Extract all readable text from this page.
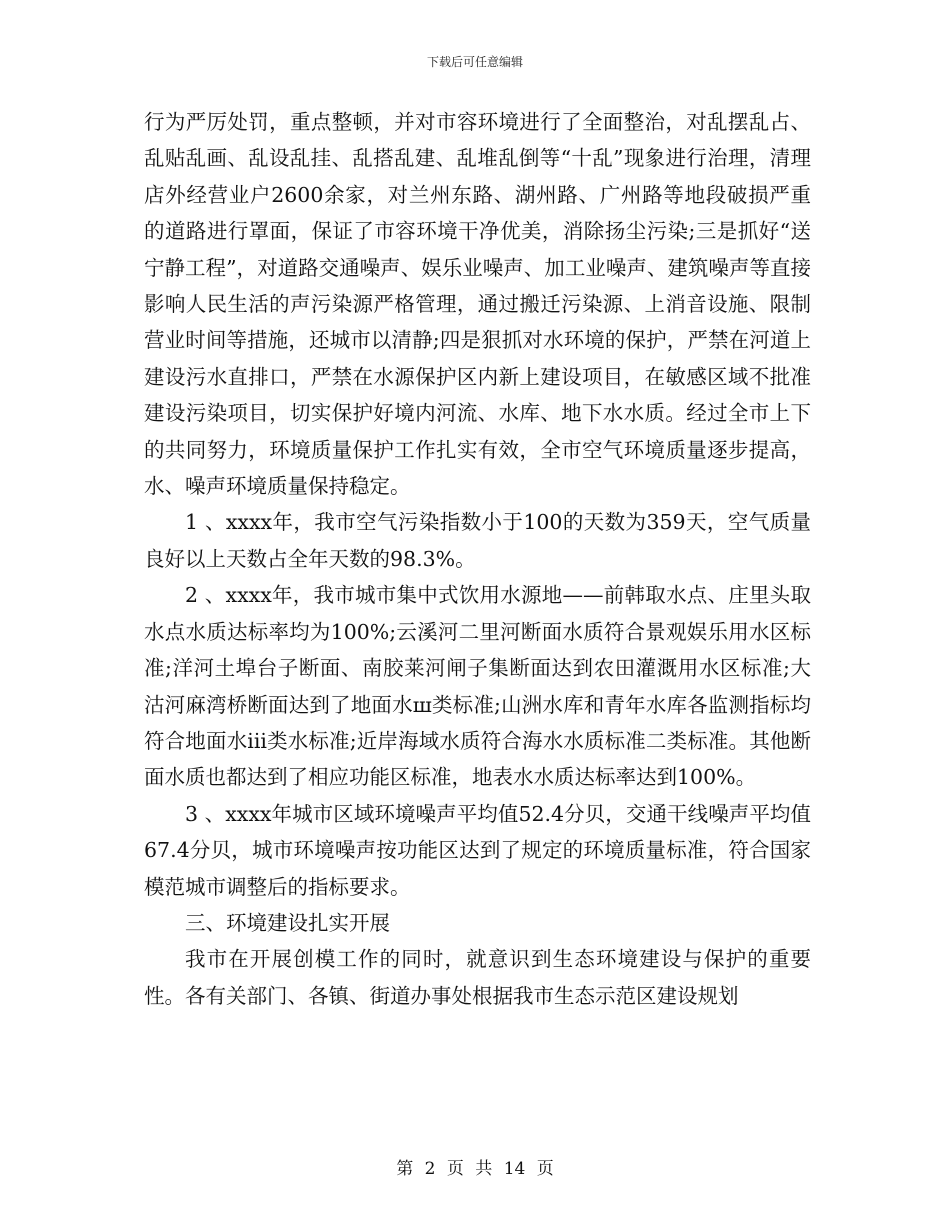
下载后可任意编辑

行为严厉处罚，重点整顿，并对市容环境进行了全面整治，对乱摆乱占、乱贴乱画、乱设乱挂、乱搭乱建、乱堆乱倒等“十乱”现象进行治理，清理店外经营业户2600余家，对兰州东路、湖州路、广州路等地段破损严重的道路进行罩面，保证了市容环境干净优美，消除扬尘污染;三是抓好“送宁静工程”，对道路交通噪声、娱乐业噪声、加工业噪声、建筑噪声等直接影响人民生活的声污染源严格管理，通过搬迁污染源、上消音设施、限制营业时间等措施，还城市以清静;四是狠抓对水环境的保护，严禁在河道上建设污水直排口，严禁在水源保护区内新上建设项目，在敏感区域不批准建设污染项目，切实保护好境内河流、水库、地下水水质。经过全市上下的共同努力，环境质量保护工作扎实有效，全市空气环境质量逐步提高，水、噪声环境质量保持稳定。

1 、xxxx年，我市空气污染指数小于100的天数为359天，空气质量良好以上天数占全年天数的98.3%。

2 、xxxx年，我市城市集中式饮用水源地——前韩取水点、庄里头取水点水质达标率均为100%;云溪河二里河断面水质符合景观娱乐用水区标准;洋河土埠台子断面、南胶莱河闸子集断面达到农田灌溉用水区标准;大沽河麻湾桥断面达到了地面水ш类标准;山洲水库和青年水库各监测指标均符合地面水iii类水标准;近岸海域水质符合海水水质标准二类标准。其他断面水质也都达到了相应功能区标准，地表水水质达标率达到100%。

3 、xxxx年城市区域环境噪声平均值52.4分贝，交通干线噪声平均值67.4分贝，城市环境噪声按功能区达到了规定的环境质量标准，符合国家模范城市调整后的指标要求。

三、环境建设扎实开展

我市在开展创模工作的同时，就意识到生态环境建设与保护的重要性。各有关部门、各镇、街道办事处根据我市生态示范区建设规划

第 2 页 共 14 页
